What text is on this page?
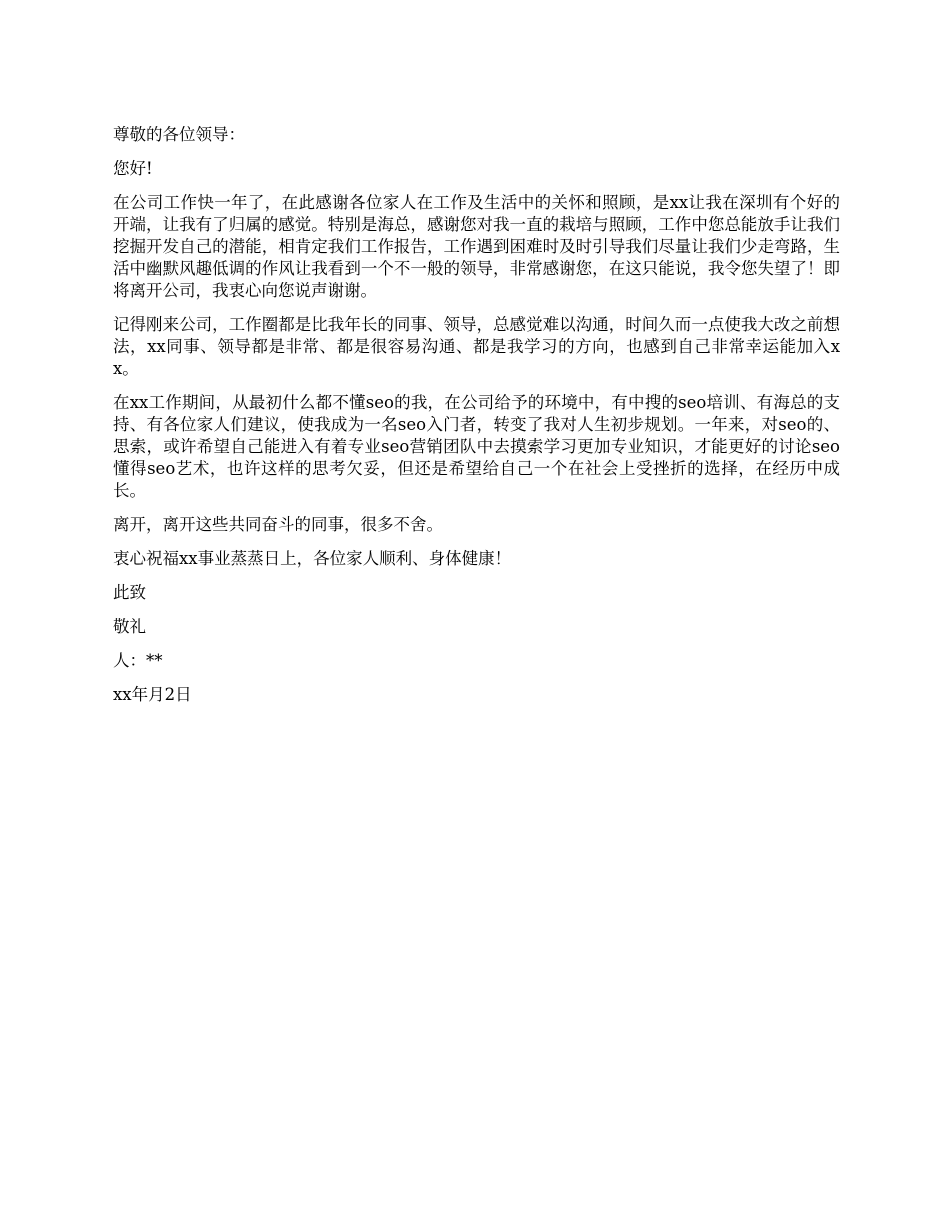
尊敬的各位领导：

您好!

在公司工作快一年了，在此感谢各位家人在工作及生活中的关怀和照顾，是xx让我在深圳有个好的开端，让我有了归属的感觉。特别是海总，感谢您对我一直的栽培与照顾，工作中您总能放手让我们挖掘开发自己的潜能，相肯定我们工作报告，工作遇到困难时及时引导我们尽量让我们少走弯路，生活中幽默风趣低调的作风让我看到一个不一般的领导，非常感谢您，在这只能说，我令您失望了！即将离开公司，我衷心向您说声谢谢。

记得刚来公司，工作圈都是比我年长的同事、领导，总感觉难以沟通，时间久而一点使我大改之前想法，xx同事、领导都是非常、都是很容易沟通、都是我学习的方向，也感到自己非常幸运能加入xx。

在xx工作期间，从最初什么都不懂seo的我，在公司给予的环境中，有中搜的seo培训、有海总的支持、有各位家人们建议，使我成为一名seo入门者，转变了我对人生初步规划。一年来，对seo的、思索，或许希望自己能进入有着专业seo营销团队中去摸索学习更加专业知识，才能更好的讨论seo懂得seo艺术，也许这样的思考欠妥，但还是希望给自己一个在社会上受挫折的选择，在经历中成长。

离开，离开这些共同奋斗的同事，很多不舍。

衷心祝福xx事业蒸蒸日上，各位家人顺利、身体健康！

此致

敬礼

人：**

xx年月2日
